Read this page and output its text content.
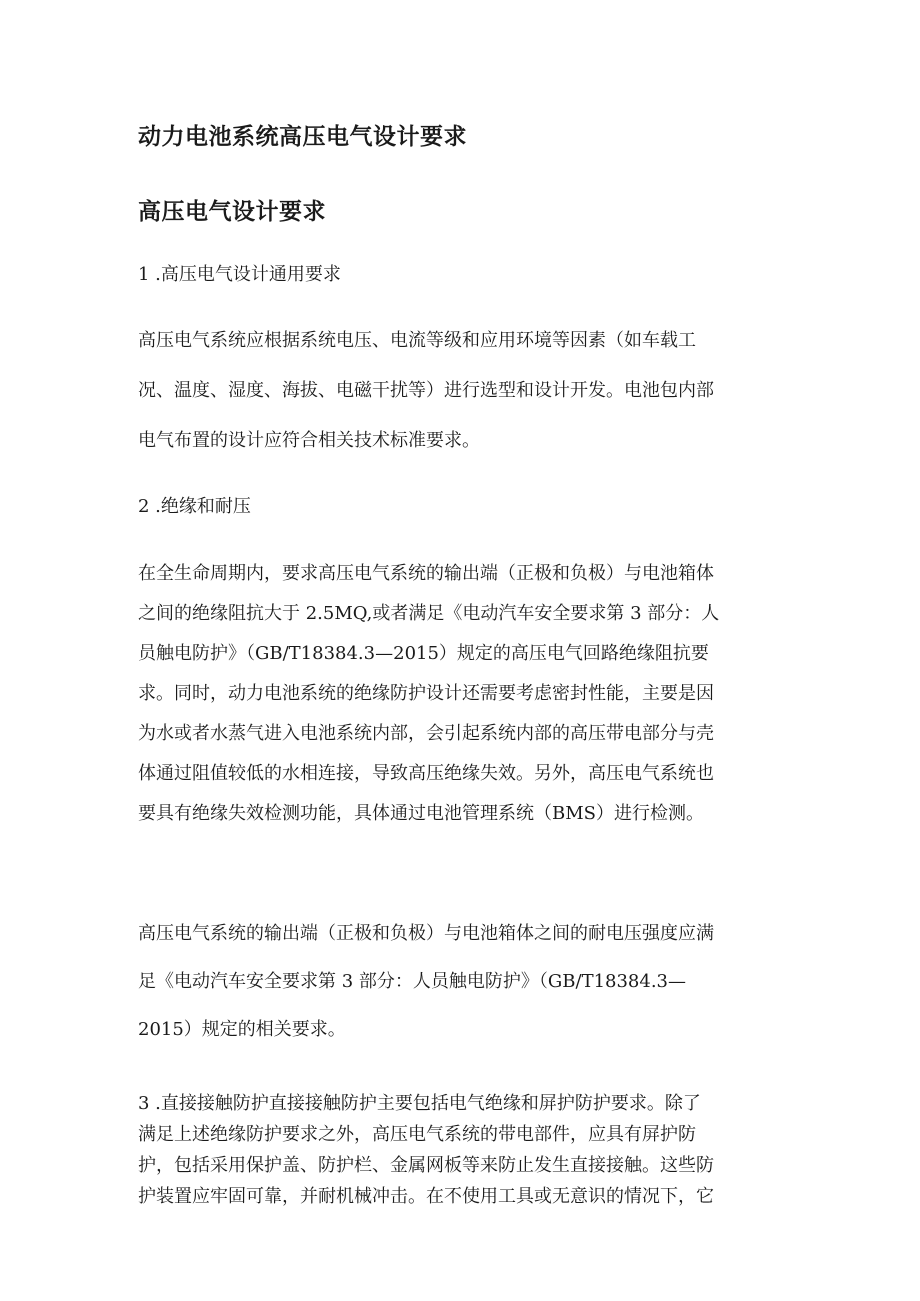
动力电池系统高压电气设计要求
高压电气设计要求
1 .高压电气设计通用要求
高压电气系统应根据系统电压、电流等级和应用环境等因素（如车载工
况、温度、湿度、海拔、电磁干扰等）进行选型和设计开发。电池包内部
电气布置的设计应符合相关技术标准要求。
2 .绝缘和耐压
在全生命周期内，要求高压电气系统的输出端（正极和负极）与电池箱体
之间的绝缘阻抗大于 2.5MQ,或者满足《电动汽车安全要求第 3 部分：人
员触电防护》（GB/T18384.3—2015）规定的高压电气回路绝缘阻抗要
求。同时，动力电池系统的绝缘防护设计还需要考虑密封性能，主要是因
为水或者水蒸气进入电池系统内部，会引起系统内部的高压带电部分与壳
体通过阻值较低的水相连接，导致高压绝缘失效。另外，高压电气系统也
要具有绝缘失效检测功能，具体通过电池管理系统（BMS）进行检测。
高压电气系统的输出端（正极和负极）与电池箱体之间的耐电压强度应满
足《电动汽车安全要求第 3 部分：人员触电防护》（GB/T18384.3—
2015）规定的相关要求。
3 .直接接触防护直接接触防护主要包括电气绝缘和屏护防护要求。除了
满足上述绝缘防护要求之外，高压电气系统的带电部件，应具有屏护防
护，包括采用保护盖、防护栏、金属网板等来防止发生直接接触。这些防
护装置应牢固可靠，并耐机械冲击。在不使用工具或无意识的情况下，它
